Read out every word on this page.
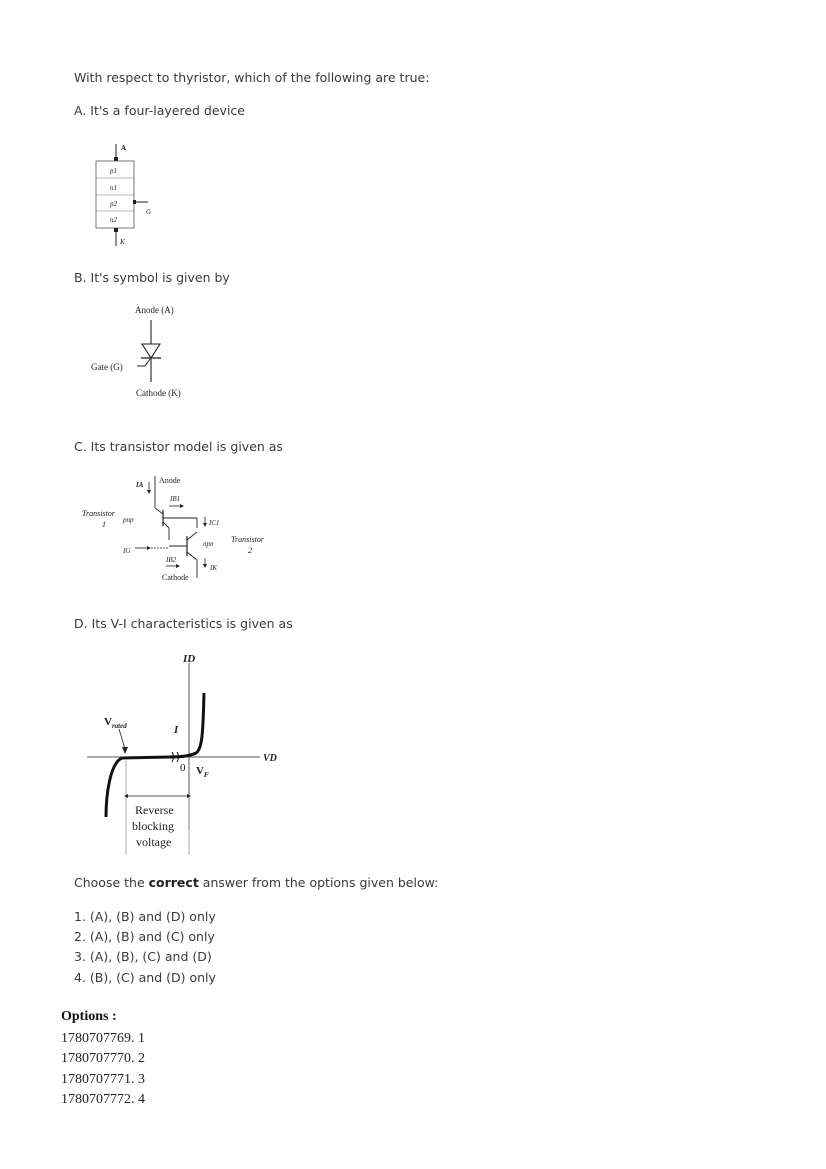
With respect to thyristor, which of the following are true:
A. It's a four-layered device
A
p1
n1
p2
n2
G
K
B. It's symbol is given by
Anode (A)
Gate (G)
Cathode (K)
C. Its transistor model is given as
IA Anode
IB1
Transistor
1 pnp	IC1
npn Transistor
2
IG
IB2
IK
Cathode
D. Its V-I characteristics is given as
ID
VD
$V_{rated}$	I
0 $V_F$
Reverse
blocking
voltage
Choose the correct answer from the options given below:
1. (A), (B) and (D) only
2. (A), (B) and (C) only
3. (A), (B), (C) and (D)
4. (B), (C) and (D) only
Options :
1780707769. 1
1780707770. 2
1780707771. 3
1780707772. 4
